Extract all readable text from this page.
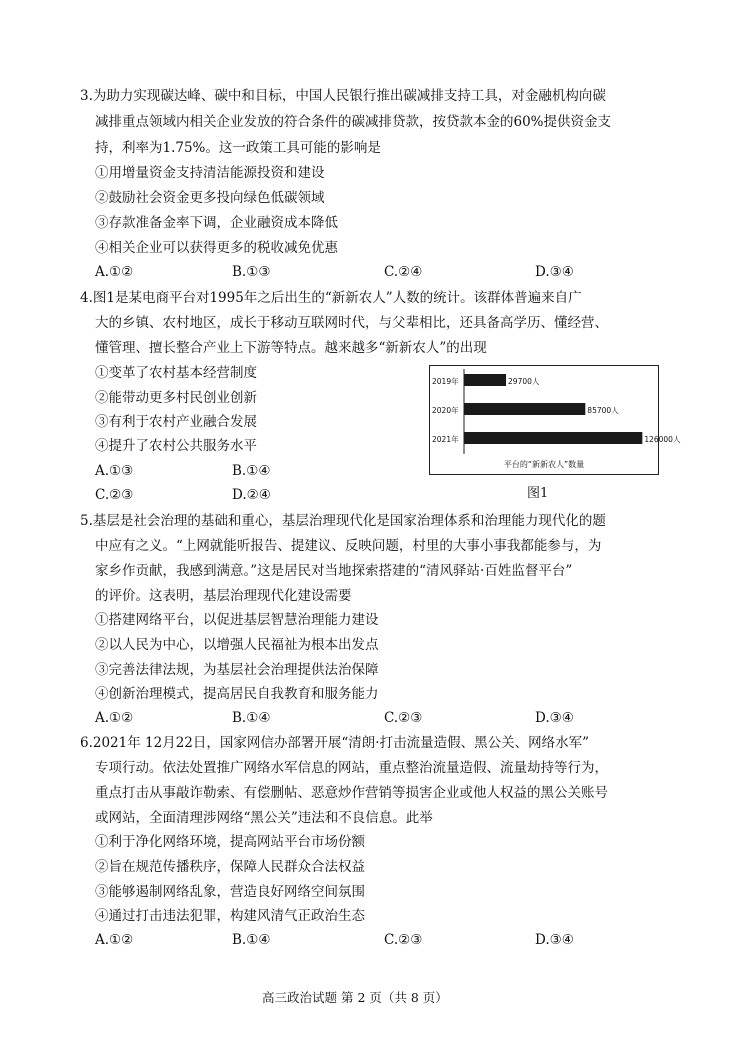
3.为助力实现碳达峰、碳中和目标，中国人民银行推出碳减排支持工具，对金融机构向碳
减排重点领域内相关企业发放的符合条件的碳减排贷款，按贷款本金的60%提供资金支
持，利率为1.75%。这一政策工具可能的影响是
①用增量资金支持清洁能源投资和建设
②鼓励社会资金更多投向绿色低碳领域
③存款准备金率下调，企业融资成本降低
④相关企业可以获得更多的税收减免优惠
A.①②	B.①③	C.②④	D.③④
4.图1是某电商平台对1995年之后出生的“新新农人”人数的统计。该群体普遍来自广
大的乡镇、农村地区，成长于移动互联网时代，与父辈相比，还具备高学历、懂经营、
懂管理、擅长整合产业上下游等特点。越来越多“新新农人”的出现
①变革了农村基本经营制度
②能带动更多村民创业创新
③有利于农村产业融合发展
④提升了农村公共服务水平
A.①③	B.①④
C.②③	D.②④
2019年	29700人
2020年	85700人
2021年	126000人
平台的“新新农人”数量
图1
5.基层是社会治理的基础和重心，基层治理现代化是国家治理体系和治理能力现代化的题
中应有之义。“上网就能听报告、提建议、反映问题，村里的大事小事我都能参与，为
家乡作贡献，我感到满意。”这是居民对当地探索搭建的“清风驿站·百姓监督平台”
的评价。这表明，基层治理现代化建设需要
①搭建网络平台，以促进基层智慧治理能力建设
②以人民为中心，以增强人民福祉为根本出发点
③完善法律法规，为基层社会治理提供法治保障
④创新治理模式，提高居民自我教育和服务能力
A.①②	B.①④	C.②③	D.③④
6.2021年 12月22日，国家网信办部署开展“清朗·打击流量造假、黑公关、网络水军”
专项行动。依法处置推广网络水军信息的网站，重点整治流量造假、流量劫持等行为，
重点打击从事敲诈勒索、有偿删帖、恶意炒作营销等损害企业或他人权益的黑公关账号
或网站，全面清理涉网络“黑公关”违法和不良信息。此举
①利于净化网络环境，提高网站平台市场份额
②旨在规范传播秩序，保障人民群众合法权益
③能够遏制网络乱象，营造良好网络空间氛围
④通过打击违法犯罪，构建风清气正政治生态
A.①②	B.①④	C.②③	D.③④
高三政治试题 第 2 页（共 8 页）
